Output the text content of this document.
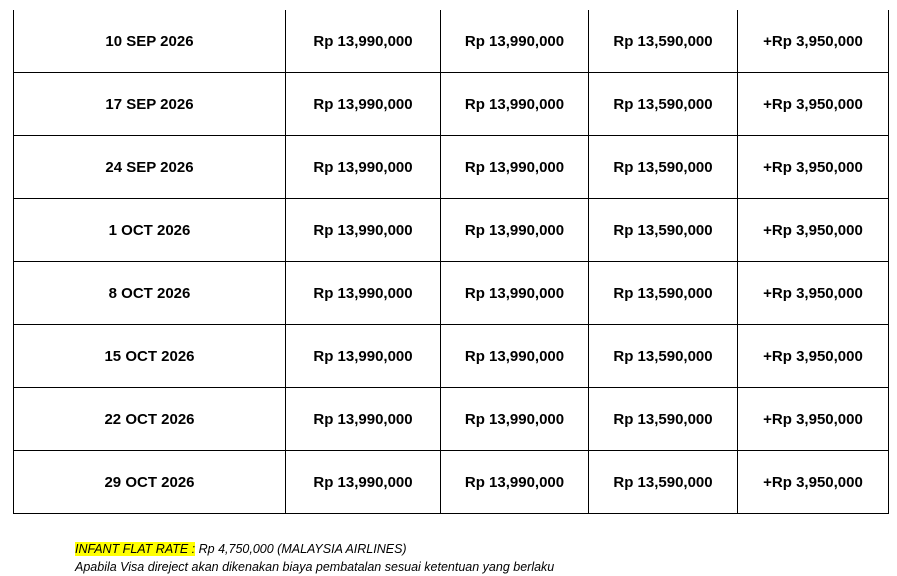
10 SEP 2026	Rp 13,990,000	Rp 13,990,000	Rp 13,590,000	+Rp 3,950,000
17 SEP 2026	Rp 13,990,000	Rp 13,990,000	Rp 13,590,000	+Rp 3,950,000
24 SEP 2026	Rp 13,990,000	Rp 13,990,000	Rp 13,590,000	+Rp 3,950,000
1 OCT 2026	Rp 13,990,000	Rp 13,990,000	Rp 13,590,000	+Rp 3,950,000
8 OCT 2026	Rp 13,990,000	Rp 13,990,000	Rp 13,590,000	+Rp 3,950,000
15 OCT 2026	Rp 13,990,000	Rp 13,990,000	Rp 13,590,000	+Rp 3,950,000
22 OCT 2026	Rp 13,990,000	Rp 13,990,000	Rp 13,590,000	+Rp 3,950,000
29 OCT 2026	Rp 13,990,000	Rp 13,990,000	Rp 13,590,000	+Rp 3,950,000
INFANT FLAT RATE : Rp 4,750,000 (MALAYSIA AIRLINES)
Apabila Visa direject akan dikenakan biaya pembatalan sesuai ketentuan yang berlaku
